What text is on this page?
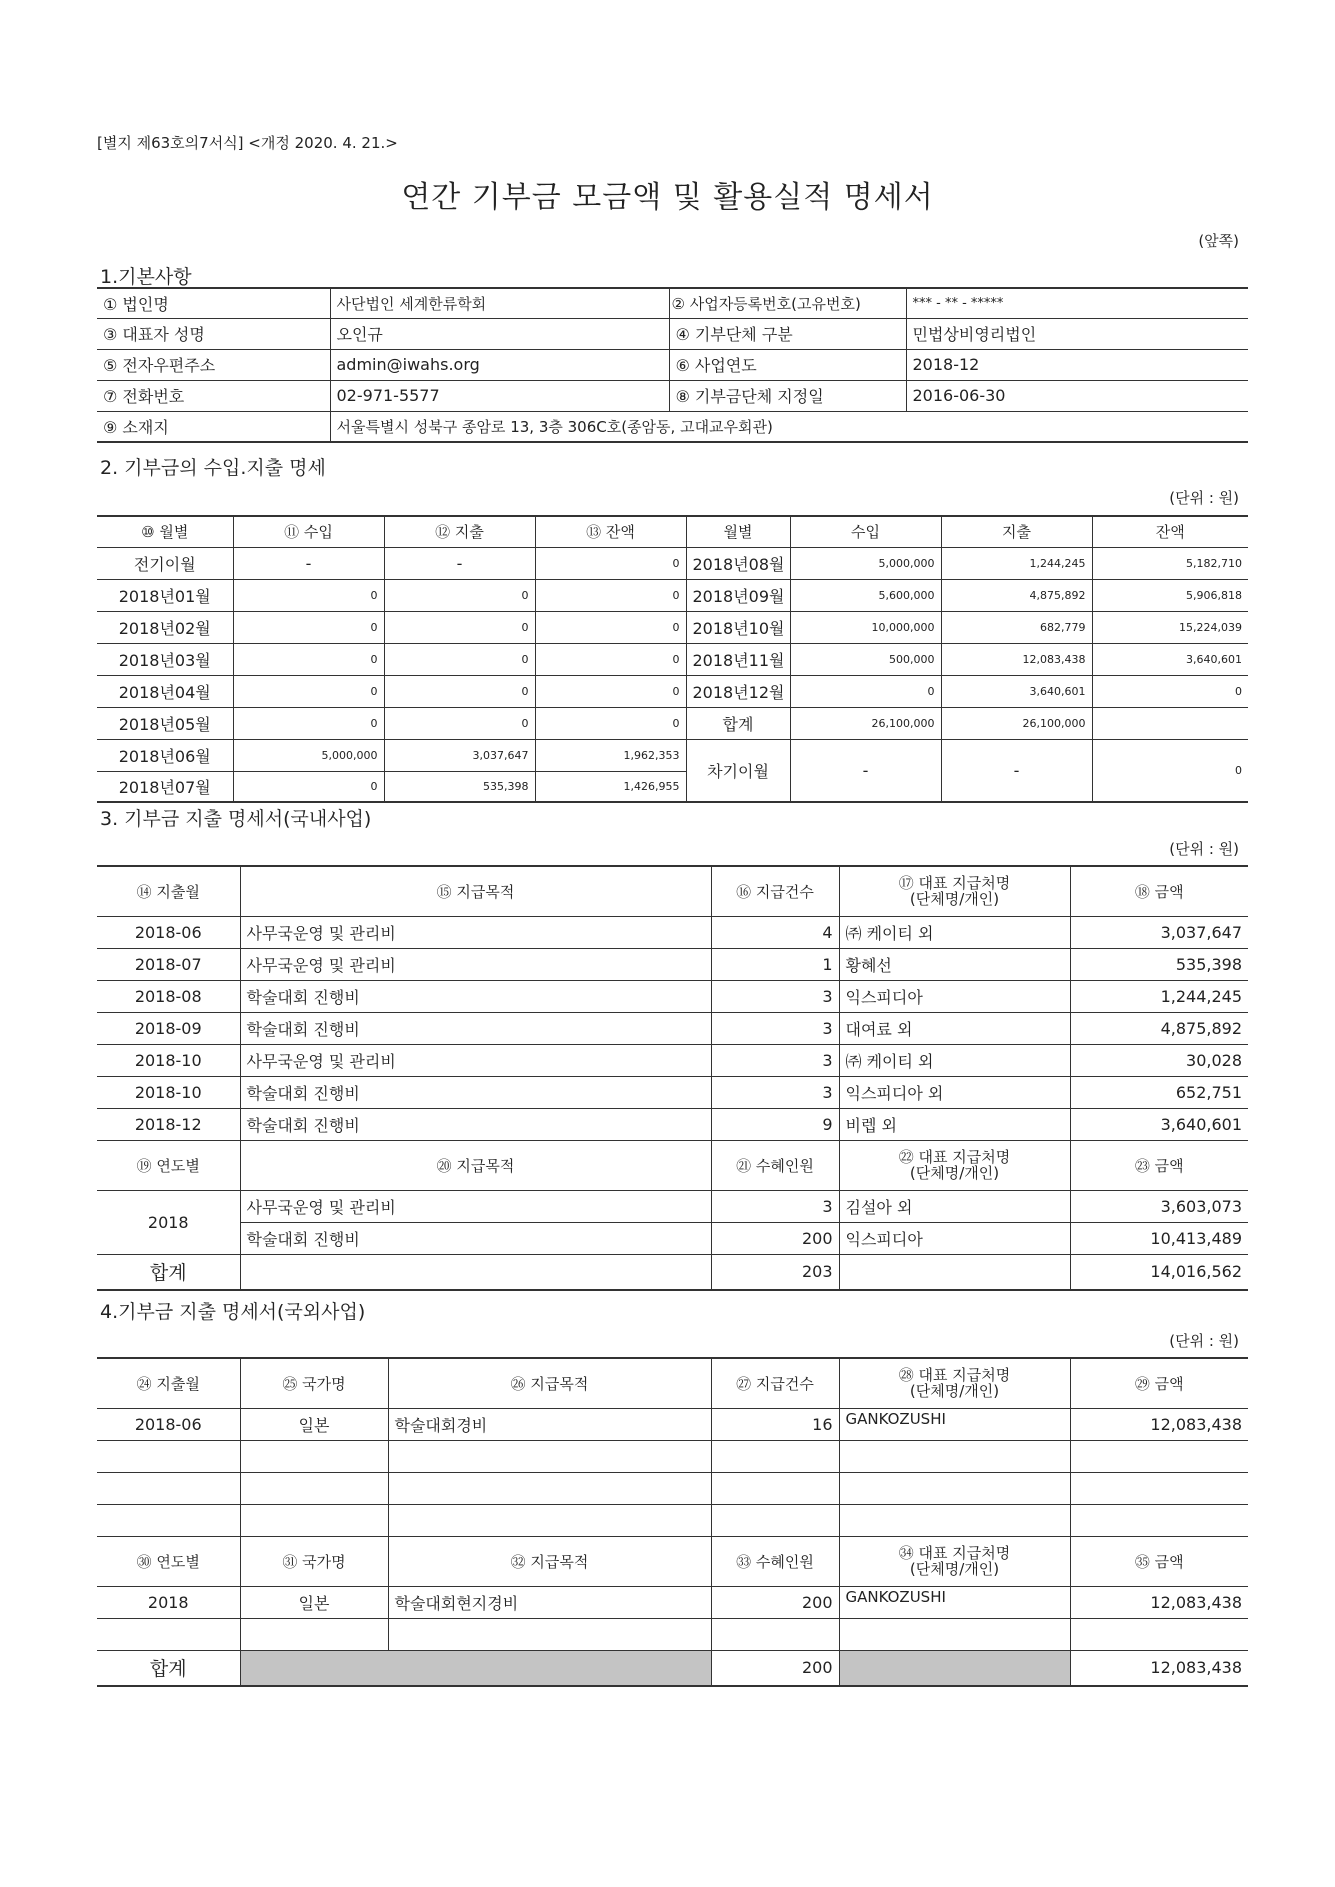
[별지 제63호의7서식] <개정 2020. 4. 21.>
연간 기부금 모금액 및 활용실적 명세서
(앞쪽)
1.기본사항
① 법인명	사단법인 세계한류학회	② 사업자등록번호(고유번호)	*** - ** - *****
③ 대표자 성명	오인규	④ 기부단체 구분	민법상비영리법인
⑤ 전자우편주소	admin@iwahs.org	⑥ 사업연도	2018-12
⑦ 전화번호	02-971-5577	⑧ 기부금단체 지정일	2016-06-30
⑨ 소재지	서울특별시 성북구 종암로 13, 3층 306C호(종암동, 고대교우회관)		
2. 기부금의 수입.지출 명세
(단위 : 원)
⑩ 월별	⑪ 수입	⑫ 지출	⑬ 잔액	월별	수입	지출	잔액
전기이월	-	-	0	2018년08월	5,000,000	1,244,245	5,182,710
2018년01월	0	0	0	2018년09월	5,600,000	4,875,892	5,906,818
2018년02월	0	0	0	2018년10월	10,000,000	682,779	15,224,039
2018년03월	0	0	0	2018년11월	500,000	12,083,438	3,640,601
2018년04월	0	0	0	2018년12월	0	3,640,601	0
2018년05월	0	0	0	합계	26,100,000	26,100,000	
2018년06월	5,000,000	3,037,647	1,962,353	차기이월	-	-	0
2018년07월	0	535,398	1,426,955				
3. 기부금 지출 명세서(국내사업)
(단위 : 원)
⑭ 지출월	⑮ 지급목적	⑯ 지급건수	⑰ 대표 지급처명
(단체명/개인)	⑱ 금액
2018-06	사무국운영 및 관리비	4	㈜ 케이티 외	3,037,647
2018-07	사무국운영 및 관리비	1	황혜선	535,398
2018-08	학술대회 진행비	3	익스피디아	1,244,245
2018-09	학술대회 진행비	3	대여료 외	4,875,892
2018-10	사무국운영 및 관리비	3	㈜ 케이티 외	30,028
2018-10	학술대회 진행비	3	익스피디아 외	652,751
2018-12	학술대회 진행비	9	비렙 외	3,640,601
⑲ 연도별	⑳ 지급목적	㉑ 수혜인원	㉒ 대표 지급처명
(단체명/개인)	㉓ 금액
2018	사무국운영 및 관리비	3	김설아 외	3,603,073
	학술대회 진행비	200	익스피디아	10,413,489
합계		203		14,016,562
4.기부금 지출 명세서(국외사업)
(단위 : 원)
㉔ 지출월	㉕ 국가명	㉖ 지급목적	㉗ 지급건수	㉘ 대표 지급처명
(단체명/개인)	㉙ 금액
2018-06	일본	학술대회경비	16	GANKOZUSHI	12,083,438

㉚ 연도별	㉛ 국가명	㉜ 지급목적	㉝ 수혜인원	㉞ 대표 지급처명
(단체명/개인)	㉟ 금액
2018	일본	학술대회현지경비	200	GANKOZUSHI	12,083,438

합계			200		12,083,438
